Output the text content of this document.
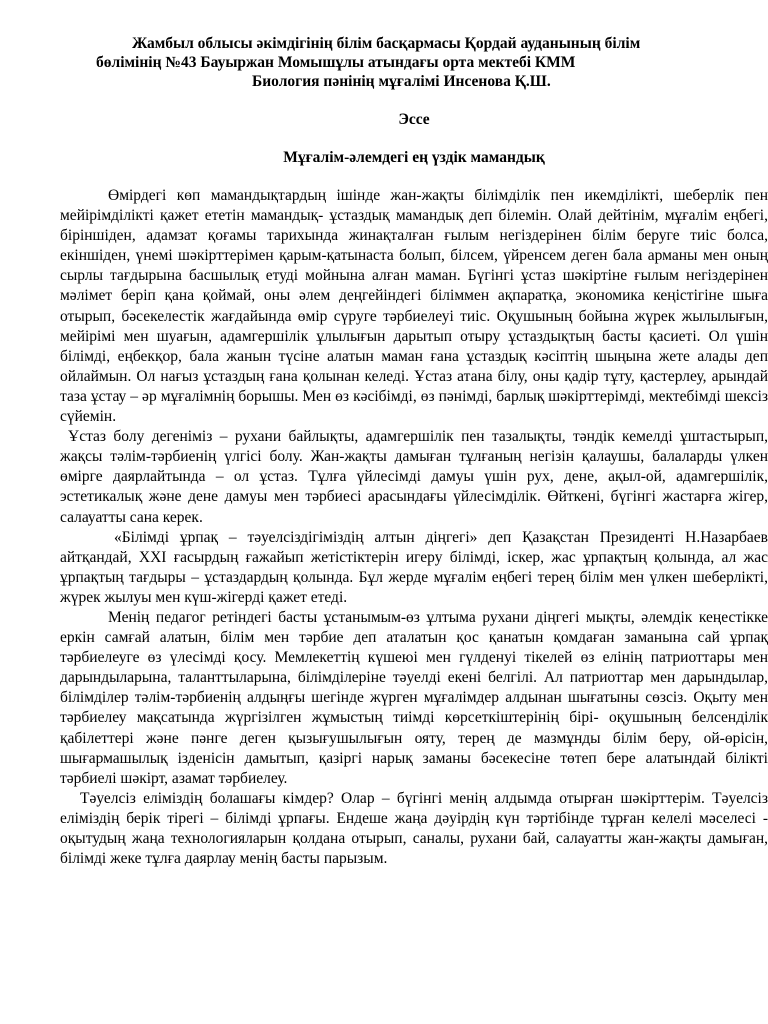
Жамбыл облысы әкімдігінің білім басқармасы Қордай ауданының білім
бөлімінің №43 Бауыржан Момышұлы атындағы орта мектебі КММ
Биология пәнінің мұғалімі Инсенова Қ.Ш.
Эссе
Мұғалім-әлемдегі ең үздік мамандық

Өмірдегі көп мамандықтардың ішінде жан-жақты білімділік пен икемділікті, шеберлік пен мейірімділікті қажет ететін мамандық- ұстаздық мамандық деп білемін. Олай дейтінім, мұғалім еңбегі, біріншіден, адамзат қоғамы тарихында жинақталған ғылым негіздерінен білім беруге тиіс болса, екіншіден, үнемі шәкірттерімен қарым-қатынаста болып, білсем, үйренсем деген бала арманы мен оның сырлы тағдырына басшылық етуді мойнына алған маман. Бүгінгі ұстаз шәкіртіне ғылым негіздерінен мәлімет беріп қана қоймай, оны әлем деңгейіндегі біліммен ақпаратқа, экономика кеңістігіне шыға отырып, бәсекелестік жағдайында өмір сүруге тәрбиелеуі тиіс. Оқушының бойына жүрек жылылығын, мейірімі мен шуағын, адамгершілік ұлылығын дарытып отыру ұстаздықтың басты қасиеті. Ол үшін білімді, еңбекқор, бала жанын түсіне алатын маман ғана ұстаздық кәсіптің шыңына жете алады деп ойлаймын. Ол нағыз ұстаздың ғана қолынан келеді. Ұстаз атана білу, оны қадір тұту, қастерлеу, арындай таза ұстау – әр мұғалімнің борышы. Мен өз кәсібімді, өз пәнімді, барлық шәкірттерімді, мектебімді шексіз сүйемін.

Ұстаз болу дегеніміз – рухани байлықты, адамгершілік пен тазалықты, тәндік кемелді ұштастырып, жақсы тәлім-тәрбиенің үлгісі болу. Жан-жақты дамыған тұлғаның негізін қалаушы, балаларды үлкен өмірге даярлайтында – ол ұстаз. Тұлға үйлесімді дамуы үшін рух, дене, ақыл-ой, адамгершілік, эстетикалық және дене дамуы мен тәрбиесі арасындағы үйлесімділік. Өйткені, бүгінгі жастарға жігер, салауатты сана керек.

«Білімді ұрпақ – тәуелсіздігіміздің алтын діңгегі» деп Қазақстан Президенті Н.Назарбаев айтқандай, ХХІ ғасырдың ғажайып жетістіктерін игеру білімді, іскер, жас ұрпақтың қолында, ал жас ұрпақтың тағдыры – ұстаздардың қолында. Бұл жерде мұғалім еңбегі терең білім мен үлкен шеберлікті, жүрек жылуы мен күш-жігерді қажет етеді.

Менің педагог ретіндегі басты ұстанымым-өз ұлтыма рухани діңгегі мықты, әлемдік кеңестікке еркін самғай алатын, білім мен тәрбие деп аталатын қос қанатын қомдаған заманына сай ұрпақ тәрбиелеуге өз үлесімді қосу. Мемлекеттің күшеюі мен гүлденуі тікелей өз елінің патриоттары мен дарындыларына, таланттыларына, білімділеріне тәуелді екені белгілі. Ал патриоттар мен дарындылар, білімділер тәлім-тәрбиенің алдыңғы шегінде жүрген мұғалімдер алдынан шығатыны сөзсіз. Оқыту мен тәрбиелеу мақсатында жүргізілген жұмыстың тиімді көрсеткіштерінің бірі- оқушының белсенділік қабілеттері және пәнге деген қызығушылығын ояту, терең де мазмұнды білім беру, ой-өрісін, шығармашылық ізденісін дамытып, қазіргі нарық заманы бәсекесіне төтеп бере алатындай білікті тәрбиелі шәкірт, азамат тәрбиелеу.

Тәуелсіз еліміздің болашағы кімдер? Олар – бүгінгі менің алдымда отырған шәкірттерім. Тәуелсіз еліміздің берік тірегі – білімді ұрпағы. Ендеше жаңа дәуірдің күн тәртібінде тұрған келелі мәселесі - оқытудың жаңа технологияларын қолдана отырып, саналы, рухани бай, салауатты жан-жақты дамыған, білімді жеке тұлға даярлау менің басты парызым.
